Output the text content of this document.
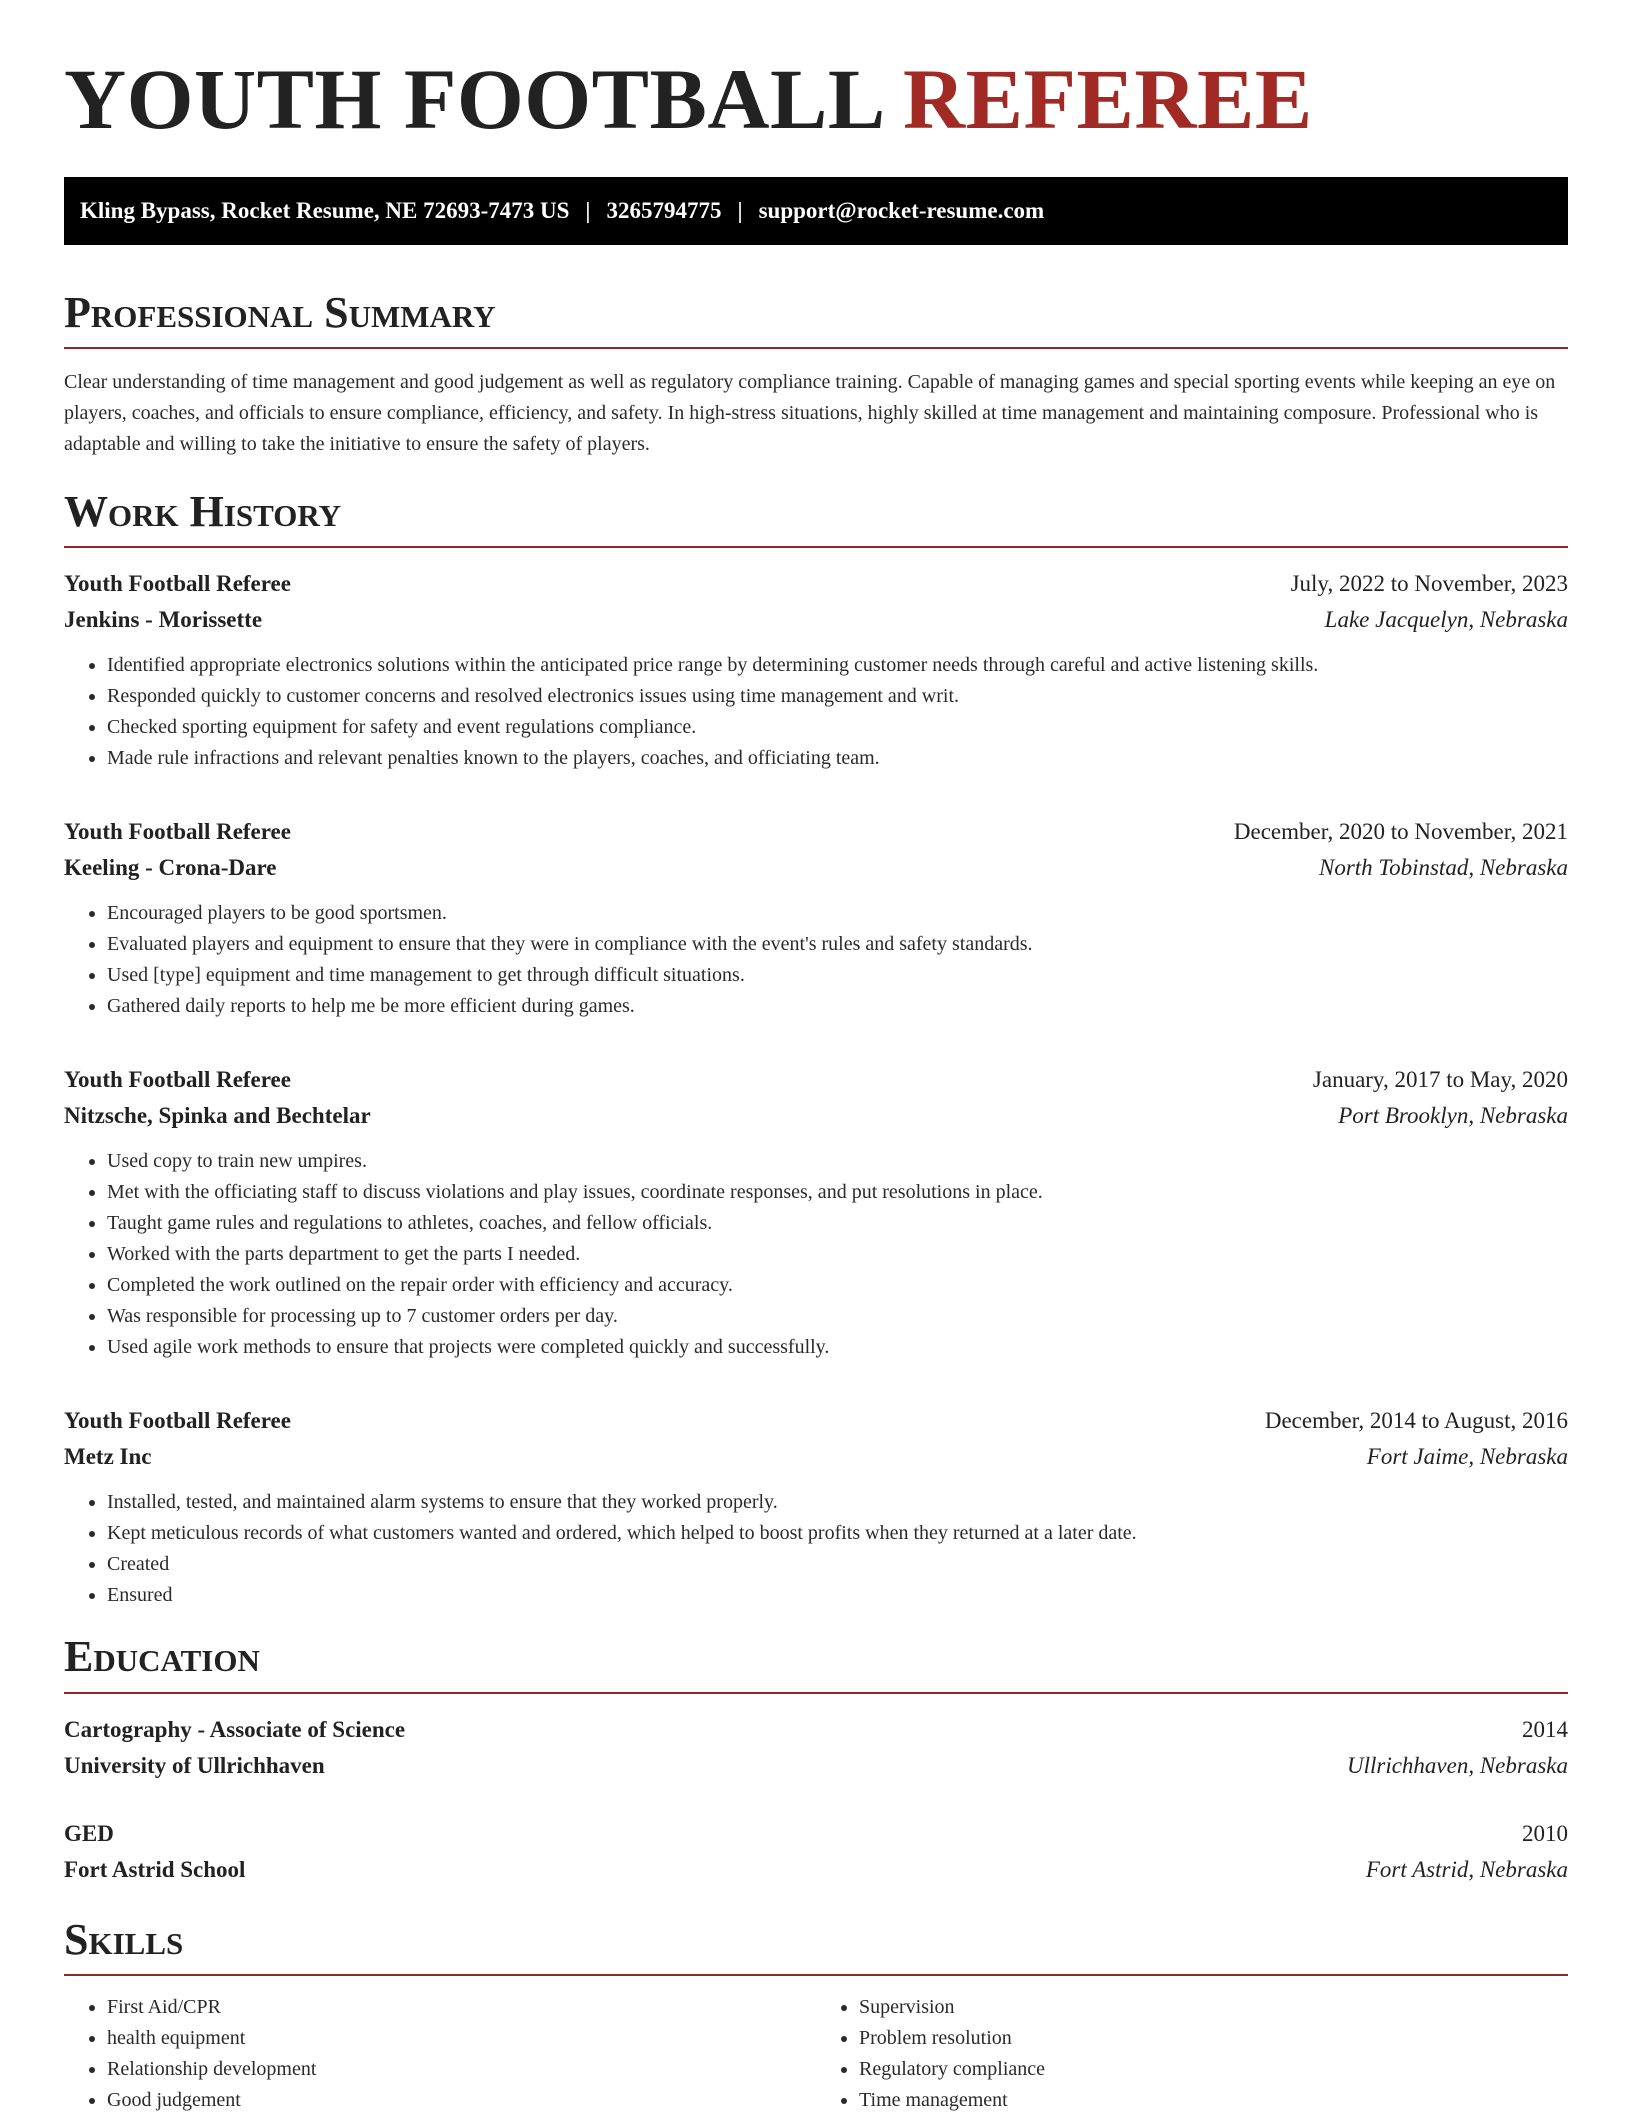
YOUTH FOOTBALL REFEREE
Kling Bypass, Rocket Resume, NE 72693-7473 US | 3265794775 | support@rocket-resume.com
Professional Summary

Clear understanding of time management and good judgement as well as regulatory compliance training. Capable of managing games and special sporting events while keeping an eye on players, coaches, and officials to ensure compliance, efficiency, and safety. In high-stress situations, highly skilled at time management and maintaining composure. Professional who is adaptable and willing to take the initiative to ensure the safety of players.

Work History
Youth Football Referee	July, 2022 to November, 2023
Jenkins - Morissette	Lake Jacquelyn, Nebraska
• Identified appropriate electronics solutions within the anticipated price range by determining customer needs through careful and active listening skills.
• Responded quickly to customer concerns and resolved electronics issues using time management and writ.
• Checked sporting equipment for safety and event regulations compliance.
• Made rule infractions and relevant penalties known to the players, coaches, and officiating team.
Youth Football Referee	December, 2020 to November, 2021
Keeling - Crona-Dare	North Tobinstad, Nebraska
• Encouraged players to be good sportsmen.
• Evaluated players and equipment to ensure that they were in compliance with the event's rules and safety standards.
• Used [type] equipment and time management to get through difficult situations.
• Gathered daily reports to help me be more efficient during games.
Youth Football Referee	January, 2017 to May, 2020
Nitzsche, Spinka and Bechtelar	Port Brooklyn, Nebraska
• Used copy to train new umpires.
• Met with the officiating staff to discuss violations and play issues, coordinate responses, and put resolutions in place.
• Taught game rules and regulations to athletes, coaches, and fellow officials.
• Worked with the parts department to get the parts I needed.
• Completed the work outlined on the repair order with efficiency and accuracy.
• Was responsible for processing up to 7 customer orders per day.
• Used agile work methods to ensure that projects were completed quickly and successfully.
Youth Football Referee	December, 2014 to August, 2016
Metz Inc	Fort Jaime, Nebraska
• Installed, tested, and maintained alarm systems to ensure that they worked properly.
• Kept meticulous records of what customers wanted and ordered, which helped to boost profits when they returned at a later date.
• Created
• Ensured
Education
Cartography - Associate of Science	2014
University of Ullrichhaven	Ullrichhaven, Nebraska
GED	2010
Fort Astrid School	Fort Astrid, Nebraska
Skills
• First Aid/CPR
• health equipment
• Relationship development
• Good judgement
• Supervision
• Problem resolution
• Regulatory compliance
• Time management
